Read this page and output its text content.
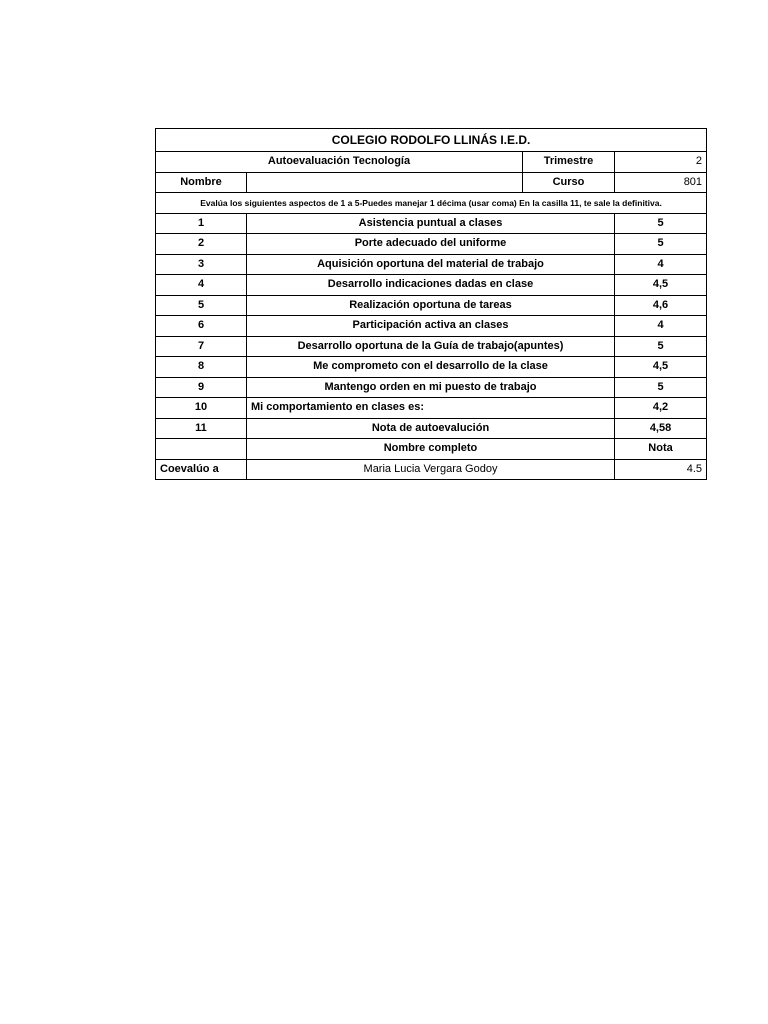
COLEGIO RODOLFO LLINÁS I.E.D.			
Autoevaluación Tecnología		Trimestre	2
Nombre		Curso	801
Evalúa los siguientes aspectos de 1 a 5-Puedes manejar 1 décima (usar coma) En la casilla 11, te sale la definitiva.			
1	Asistencia puntual a clases		5
2	Porte adecuado del uniforme		5
3	Aquisición oportuna del material de trabajo		4
4	Desarrollo indicaciones dadas en clase		4,5
5	Realización oportuna de tareas		4,6
6	Participación activa an clases		4
7	Desarrollo oportuna de la Guía de trabajo(apuntes)		5
8	Me comprometo con el desarrollo de la clase		4,5
9	Mantengo orden en mi puesto de trabajo		5
10	Mi comportamiento en clases es:		4,2
11	Nota de autoevalución		4,58
	Nombre completo		Nota
Coevalúo a	Maria Lucia Vergara Godoy		4.5
